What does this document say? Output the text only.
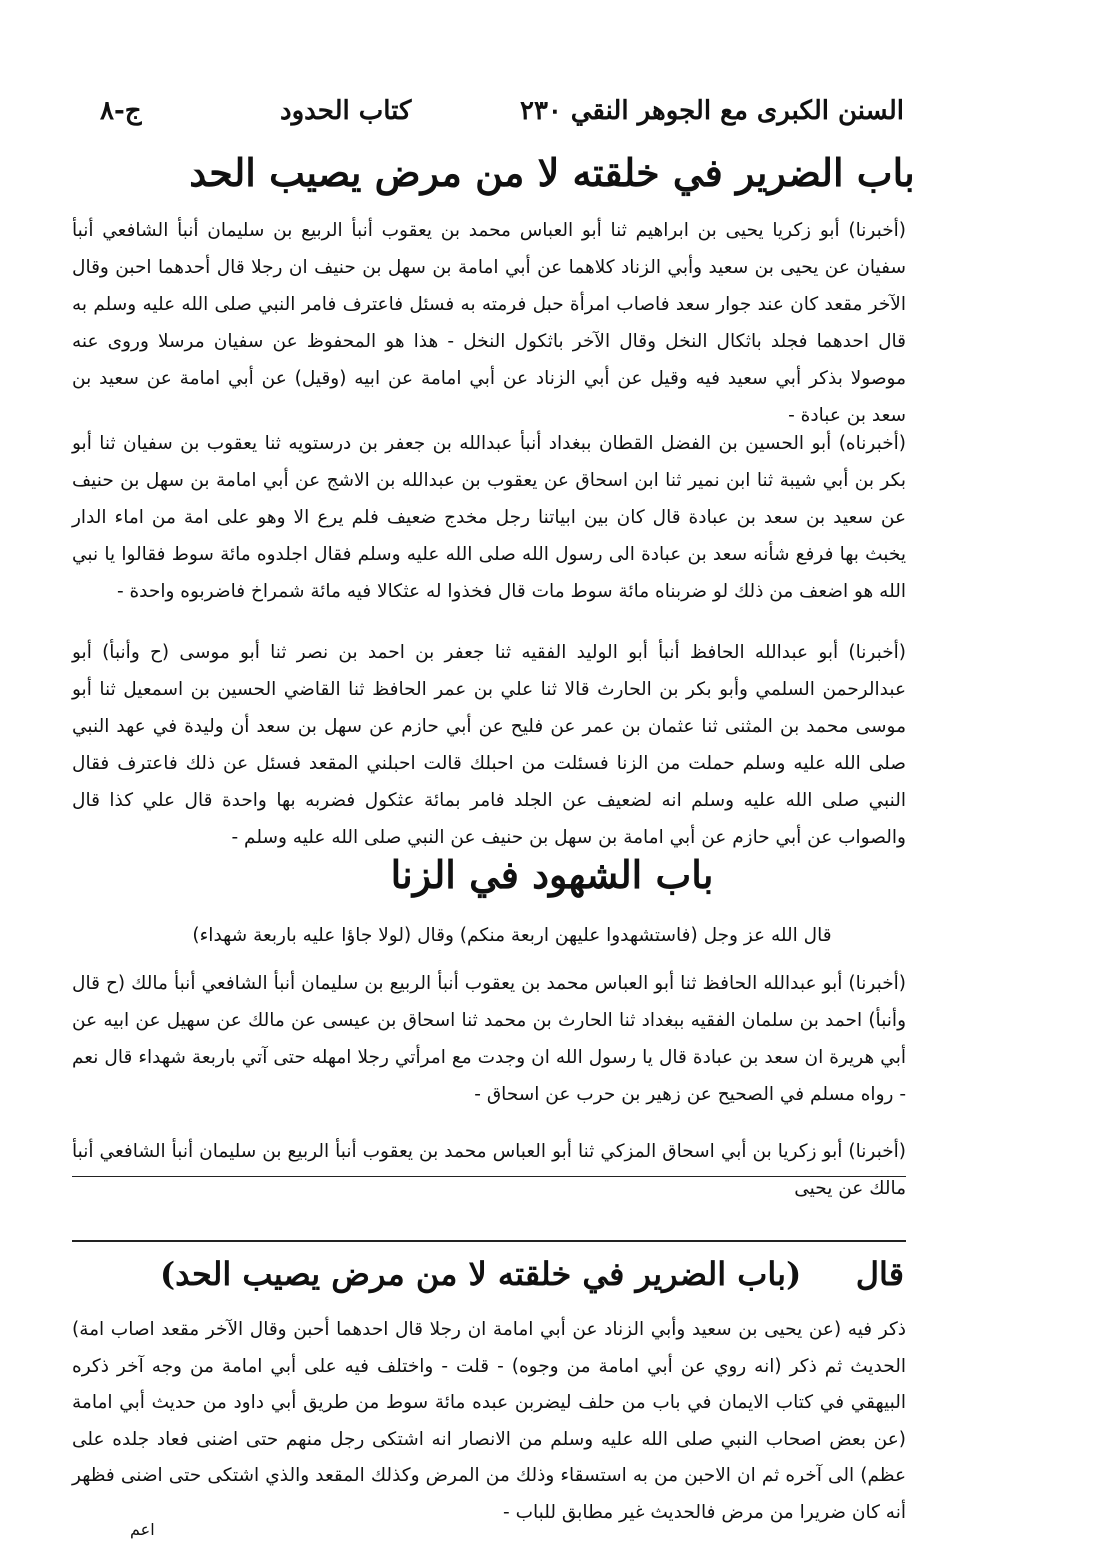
السنن الكبرى مع الجوهر النقي
٢٣٠
كتاب الحدود
ج-٨
باب الضرير في خلقته لا من مرض يصيب الحد
(أخبرنا) أبو زكريا يحيى بن ابراهيم ثنا أبو العباس محمد بن يعقوب أنبأ الربيع بن سليمان أنبأ الشافعي أنبأ سفيان عن يحيى بن سعيد وأبي الزناد كلاهما عن أبي امامة بن سهل بن حنيف ان رجلا قال أحدهما احبن وقال الآخر مقعد كان عند جوار سعد فاصاب امرأة حبل فرمته به فسئل فاعترف فامر النبي صلى الله عليه وسلم به قال احدهما فجلد باثكال النخل وقال الآخر باثكول النخل - هذا هو المحفوظ عن سفيان مرسلا وروى عنه موصولا بذكر أبي سعيد فيه وقيل عن أبي الزناد عن أبي امامة عن ابيه (وقيل) عن أبي امامة عن سعيد بن سعد بن عبادة -
(أخبرناه) أبو الحسين بن الفضل القطان ببغداد أنبأ عبدالله بن جعفر بن درستويه ثنا يعقوب بن سفيان ثنا أبو بكر بن أبي شيبة ثنا ابن نمير ثنا ابن اسحاق عن يعقوب بن عبدالله بن الاشج عن أبي امامة بن سهل بن حنيف عن سعيد بن سعد بن عبادة قال كان بين ابياتنا رجل مخدج ضعيف فلم يرع الا وهو على امة من اماء الدار يخبث بها فرفع شأنه سعد بن عبادة الى رسول الله صلى الله عليه وسلم فقال اجلدوه مائة سوط فقالوا يا نبي الله هو اضعف من ذلك لو ضربناه مائة سوط مات قال فخذوا له عثكالا فيه مائة شمراخ فاضربوه واحدة -
(أخبرنا) أبو عبدالله الحافظ أنبأ أبو الوليد الفقيه ثنا جعفر بن احمد بن نصر ثنا أبو موسى (ح وأنبأ) أبو عبدالرحمن السلمي وأبو بكر بن الحارث قالا ثنا علي بن عمر الحافظ ثنا القاضي الحسين بن اسمعيل ثنا أبو موسى محمد بن المثنى ثنا عثمان بن عمر عن فليح عن أبي حازم عن سهل بن سعد أن وليدة في عهد النبي صلى الله عليه وسلم حملت من الزنا فسئلت من احبلك قالت احبلني المقعد فسئل عن ذلك فاعترف فقال النبي صلى الله عليه وسلم انه لضعيف عن الجلد فامر بمائة عثكول فضربه بها واحدة قال علي كذا قال والصواب عن أبي حازم عن أبي امامة بن سهل بن حنيف عن النبي صلى الله عليه وسلم -
باب الشهود في الزنا
قال الله عز وجل (فاستشهدوا عليهن اربعة منكم) وقال (لولا جاؤا عليه باربعة شهداء)
(أخبرنا) أبو عبدالله الحافظ ثنا أبو العباس محمد بن يعقوب أنبأ الربيع بن سليمان أنبأ الشافعي أنبأ مالك (ح قال وأنبأ) احمد بن سلمان الفقيه ببغداد ثنا الحارث بن محمد ثنا اسحاق بن عيسى عن مالك عن سهيل عن ابيه عن أبي هريرة ان سعد بن عبادة قال يا رسول الله ان وجدت مع امرأتي رجلا امهله حتى آتي باربعة شهداء قال نعم - رواه مسلم في الصحيح عن زهير بن حرب عن اسحاق -
(أخبرنا) أبو زكريا بن أبي اسحاق المزكي ثنا أبو العباس محمد بن يعقوب أنبأ الربيع بن سليمان أنبأ الشافعي أنبأ مالك عن يحيى
قال
(باب الضرير في خلقته لا من مرض يصيب الحد)
ذكر فيه (عن يحيى بن سعيد وأبي الزناد عن أبي امامة ان رجلا قال احدهما أحبن وقال الآخر مقعد اصاب امة) الحديث ثم ذكر (انه روي عن أبي امامة من وجوه) - قلت - واختلف فيه على أبي امامة من وجه آخر ذكره البيهقي في كتاب الايمان في باب من حلف ليضربن عبده مائة سوط من طريق أبي داود من حديث أبي امامة (عن بعض اصحاب النبي صلى الله عليه وسلم من الانصار انه اشتكى رجل منهم حتى اضنى فعاد جلده على عظم) الى آخره ثم ان الاحبن من به استسقاء وذلك من المرض وكذلك المقعد والذي اشتكى حتى اضنى فظهر أنه كان ضريرا من مرض فالحديث غير مطابق للباب -
اعم
